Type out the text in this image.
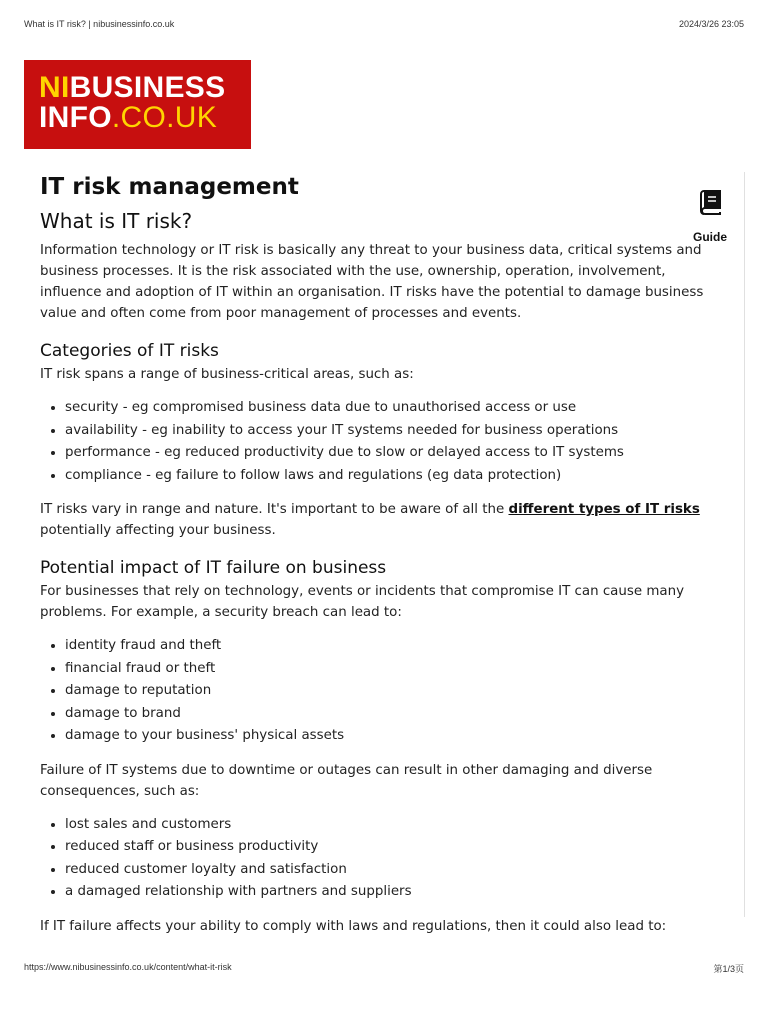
What is IT risk? | nibusinessinfo.co.uk	2024/3/26 23:05
NIBUSINESS
INFO.CO.UK
Guide
IT risk management
What is IT risk?

Information technology or IT risk is basically any threat to your business data, critical systems and business processes. It is the risk associated with the use, ownership, operation, involvement, influence and adoption of IT within an organisation. IT risks have the potential to damage business value and often come from poor management of processes and events.

Categories of IT risks

IT risk spans a range of business-critical areas, such as:

• security - eg compromised business data due to unauthorised access or use
• availability - eg inability to access your IT systems needed for business operations
• performance - eg reduced productivity due to slow or delayed access to IT systems
• compliance - eg failure to follow laws and regulations (eg data protection)

IT risks vary in range and nature. It's important to be aware of all the different types of IT risks potentially affecting your business.

Potential impact of IT failure on business

For businesses that rely on technology, events or incidents that compromise IT can cause many problems. For example, a security breach can lead to:

• identity fraud and theft
• financial fraud or theft
• damage to reputation
• damage to brand
• damage to your business' physical assets

Failure of IT systems due to downtime or outages can result in other damaging and diverse consequences, such as:

• lost sales and customers
• reduced staff or business productivity
• reduced customer loyalty and satisfaction
• a damaged relationship with partners and suppliers

If IT failure affects your ability to comply with laws and regulations, then it could also lead to:

https://www.nibusinessinfo.co.uk/content/what-it-risk	第1/3页
